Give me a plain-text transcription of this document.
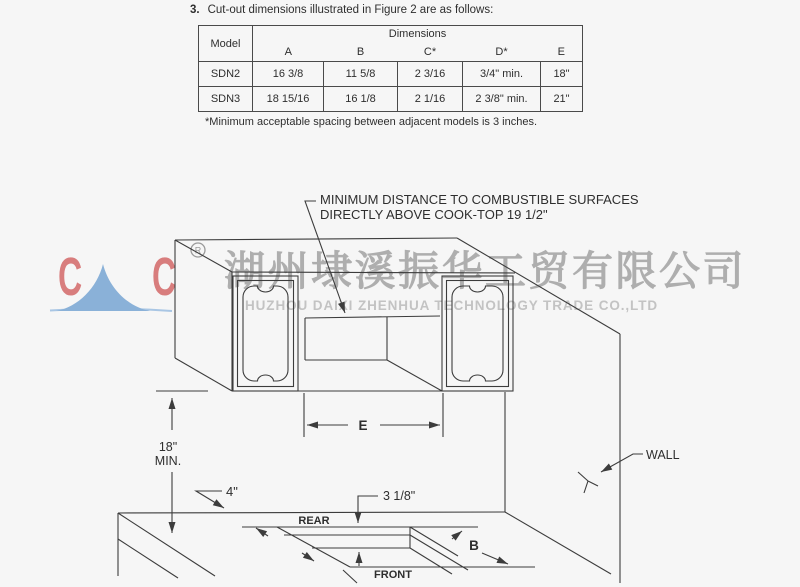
3. Cut-out dimensions illustrated in Figure 2 are as follows:
Model	Dimensions				
	A	B	C*	D*	E
SDN2	16 3/8	11 5/8	2 3/16	3/4" min.	18"
SDN3	18 15/16	16 1/8	2 1/16	2 3/8" min.	21"
*Minimum acceptable spacing between adjacent models is 3 inches.
C C R 湖州埭溪振华工贸有限公司
HUZHOU DAIXI ZHENHUA TECHNOLOGY TRADE CO.,LTD
MINIMUM DISTANCE TO COMBUSTIBLE SURFACES
DIRECTLY ABOVE COOK-TOP 19 1/2"
18"
MIN.
4"	3 1/8"
E
B
REAR
FRONT
WALL
